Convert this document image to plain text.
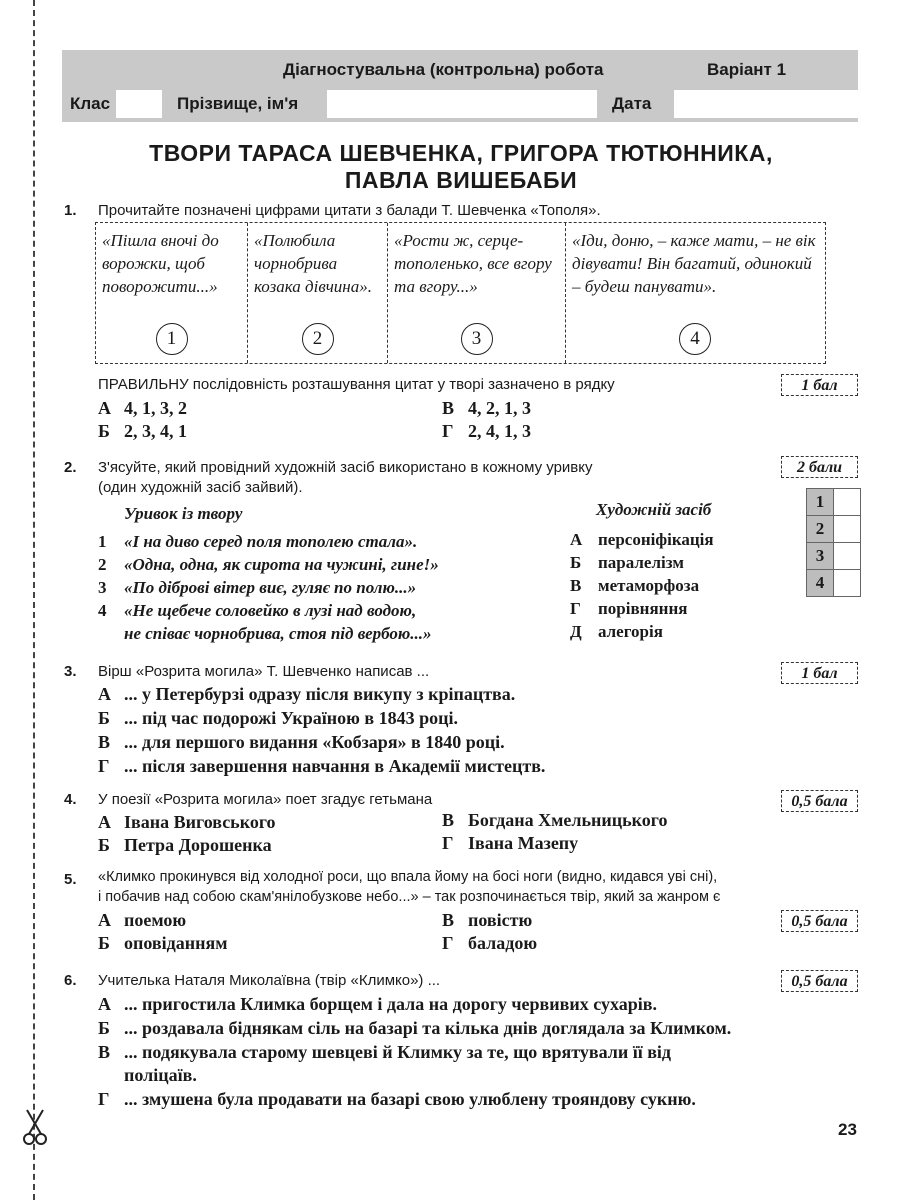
Діагностувальна (контрольна) робота	Варіант 1
Клас	Прізвище, ім'я	Дата
ТВОРИ ТАРАСА ШЕВЧЕНКА, ГРИГОРА ТЮТЮННИКА,
ПАВЛА ВИШЕБАБИ
1. Прочитайте позначені цифрами цитати з балади Т. Шевченка «Тополя».
«Пішла вночі до ворожки, щоб поворожити...»
1
«Полюбила чорнобрива козака дівчина».
2
«Рости ж, серце-тополенько, все вгору та вгору...»
3
«Іди, доню, – каже мати, – не вік дівувати! Він багатий, одинокий – будеш панувати».
4
ПРАВИЛЬНУ послідовність розташування цитат у творі зазначено в рядку	1 бал
А 4, 1, 3, 2
Б 2, 3, 4, 1
В 4, 2, 1, 3
Г 2, 4, 1, 3
2. З'ясуйте, який провідний художній засіб використано в кожному уривку
(один художній засіб зайвий).
2 бали
Уривок із твору	Художній засіб
1 «І на диво серед поля тополею стала».
2 «Одна, одна, як сирота на чужині, гине!»
3 «По діброві вітер виє, гуляє по полю...»
4 «Не щебече соловейко в лузі над водою,
не співає чорнобрива, стоя під вербою...»
А персоніфікація
Б паралелізм
В метаморфоза
Г порівняння
Д алегорія
1	
2	
3	
4	
3. Вірш «Розрита могила» Т. Шевченко написав ...	1 бал
А ... у Петербурзі одразу після викупу з кріпацтва.
Б ... під час подорожі Україною в 1843 році.
В ... для першого видання «Кобзаря» в 1840 році.
Г ... після завершення навчання в Академії мистецтв.
4. У поезії «Розрита могила» поет згадує гетьмана	0,5 бала
А Івана Виговського
Б Петра Дорошенка
В Богдана Хмельницького
Г Івана Мазепу
5. «Климко прокинувся від холодної роси, що впала йому на босі ноги (видно, кидався уві сні),
і побачив над собою скам'янілобузкове небо...» – так розпочинається твір, який за жанром є
0,5 бала
А поемою
Б оповіданням
В повістю
Г баладою
6. Учителька Наталя Миколаївна (твір «Климко») ...	0,5 бала
А ... пригостила Климка борщем і дала на дорогу червивих сухарів.
Б ... роздавала біднякам сіль на базарі та кілька днів доглядала за Климком.
В ... подякувала старому шевцеві й Климку за те, що врятували її від
поліцаїв.
Г ... змушена була продавати на базарі свою улюблену трояндову сукню.
23
